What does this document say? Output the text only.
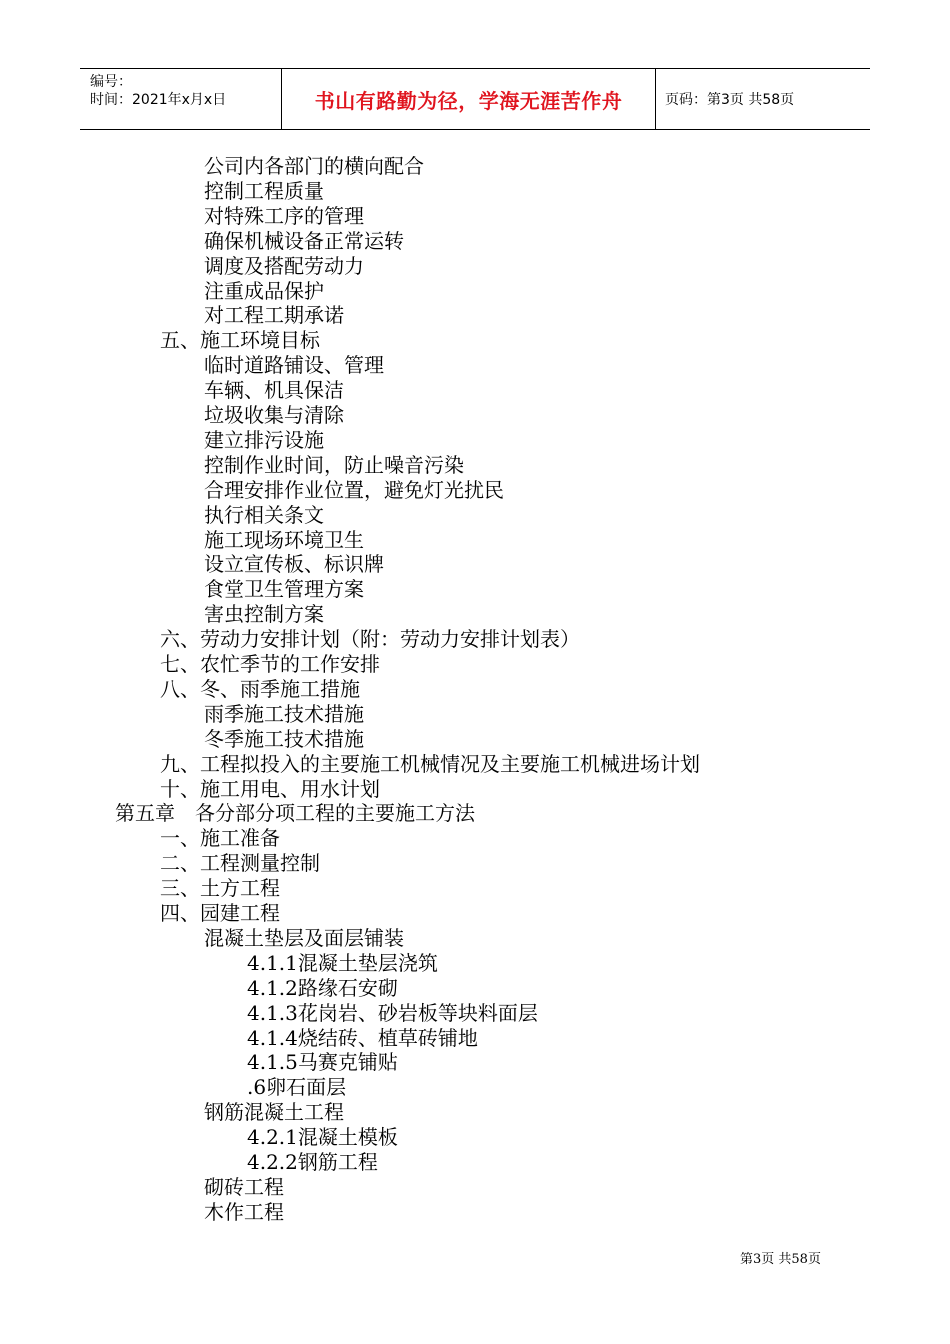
编号：
时间：2021年x月x日	书山有路勤为径，学海无涯苦作舟	页码：第3页 共58页
公司内各部门的横向配合
控制工程质量
对特殊工序的管理
确保机械设备正常运转
调度及搭配劳动力
注重成品保护
对工程工期承诺
五、施工环境目标
临时道路铺设、管理
车辆、机具保洁
垃圾收集与清除
建立排污设施
控制作业时间，防止噪音污染
合理安排作业位置，避免灯光扰民
执行相关条文
施工现场环境卫生
设立宣传板、标识牌
食堂卫生管理方案
害虫控制方案
六、劳动力安排计划（附：劳动力安排计划表）
七、农忙季节的工作安排
八、冬、雨季施工措施
雨季施工技术措施
冬季施工技术措施
九、工程拟投入的主要施工机械情况及主要施工机械进场计划
十、施工用电、用水计划
第五章　各分部分项工程的主要施工方法
一、施工准备
二、工程测量控制
三、土方工程
四、园建工程
混凝土垫层及面层铺装
4.1.1混凝土垫层浇筑
4.1.2路缘石安砌
4.1.3花岗岩、砂岩板等块料面层
4.1.4烧结砖、植草砖铺地
4.1.5马赛克铺贴
.6卵石面层
钢筋混凝土工程
4.2.1混凝土模板
4.2.2钢筋工程
砌砖工程
木作工程
第3页 共58页
